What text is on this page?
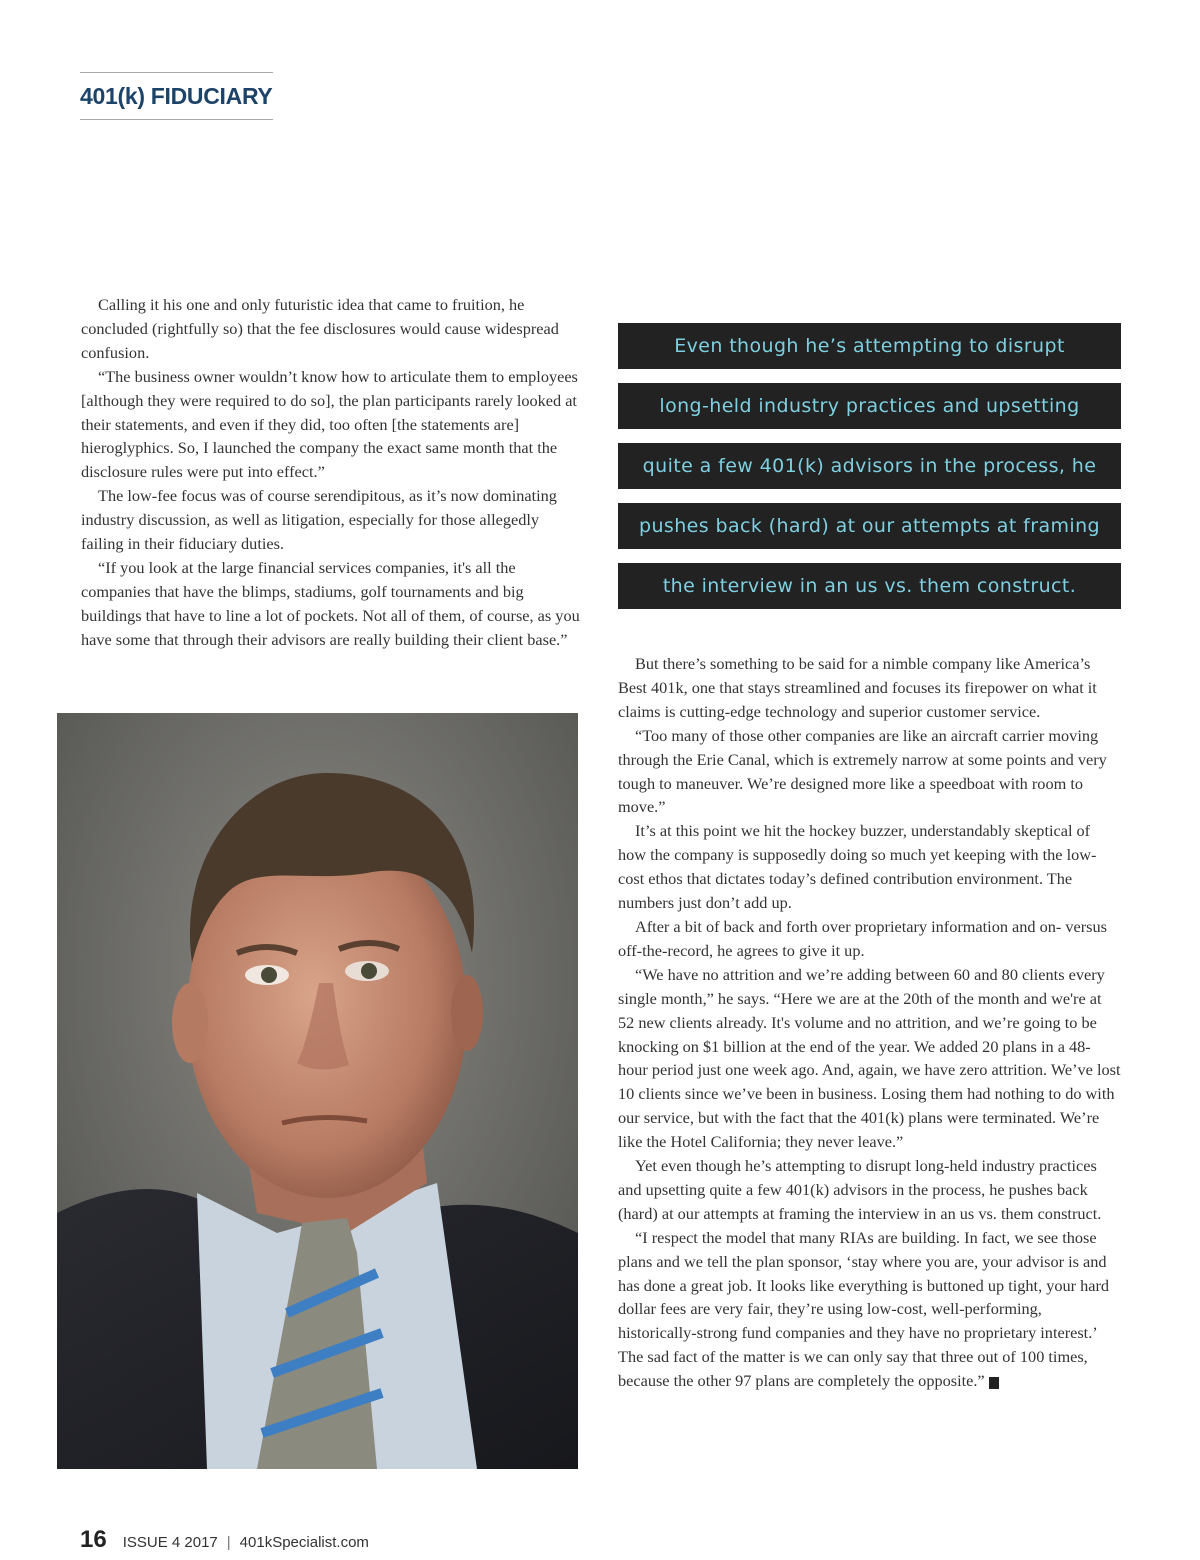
401(k) FIDUCIARY

Calling it his one and only futuristic idea that came to fruition, he concluded (rightfully so) that the fee disclosures would cause widespread confusion.

“The business owner wouldn’t know how to articulate them to employees [although they were required to do so], the plan participants rarely looked at their statements, and even if they did, too often [the statements are] hieroglyphics. So, I launched the company the exact same month that the disclosure rules were put into effect.”

The low-fee focus was of course serendipitous, as it’s now dominating industry discussion, as well as litigation, especially for those allegedly failing in their fiduciary duties.

“If you look at the large financial services companies, it's all the companies that have the blimps, stadiums, golf tournaments and big buildings that have to line a lot of pockets. Not all of them, of course, as you have some that through their advisors are really building their client base.”

Even though he’s attempting to disrupt
long-held industry practices and upsetting
quite a few 401(k) advisors in the process, he
pushes back (hard) at our attempts at framing
the interview in an us vs. them construct.

But there’s something to be said for a nimble company like America’s Best 401k, one that stays streamlined and focuses its firepower on what it claims is cutting-edge technology and superior customer service.

“Too many of those other companies are like an aircraft carrier moving through the Erie Canal, which is extremely narrow at some points and very tough to maneuver. We’re designed more like a speedboat with room to move.”

It’s at this point we hit the hockey buzzer, understandably skeptical of how the company is supposedly doing so much yet keeping with the low-cost ethos that dictates today’s defined contribution environment. The numbers just don’t add up.

After a bit of back and forth over proprietary information and on- versus off-the-record, he agrees to give it up.

“We have no attrition and we’re adding between 60 and 80 clients every single month,” he says. “Here we are at the 20th of the month and we're at 52 new clients already. It's volume and no attrition, and we’re going to be knocking on $1 billion at the end of the year. We added 20 plans in a 48- hour period just one week ago. And, again, we have zero attrition. We’ve lost 10 clients since we’ve been in business. Losing them had nothing to do with our service, but with the fact that the 401(k) plans were terminated. We’re like the Hotel California; they never leave.”

Yet even though he’s attempting to disrupt long-held industry practices and upsetting quite a few 401(k) advisors in the process, he pushes back (hard) at our attempts at framing the interview in an us vs. them construct.

“I respect the model that many RIAs are building. In fact, we see those plans and we tell the plan sponsor, ‘stay where you are, your advisor is and has done a great job. It looks like everything is buttoned up tight, your hard dollar fees are very fair, they’re using low-cost, well-performing, historically-strong fund companies and they have no proprietary interest.’ The sad fact of the matter is we can only say that three out of 100 times, because the other 97 plans are completely the opposite.” K

16 ISSUE 4 2017 | 401kSpecialist.com
